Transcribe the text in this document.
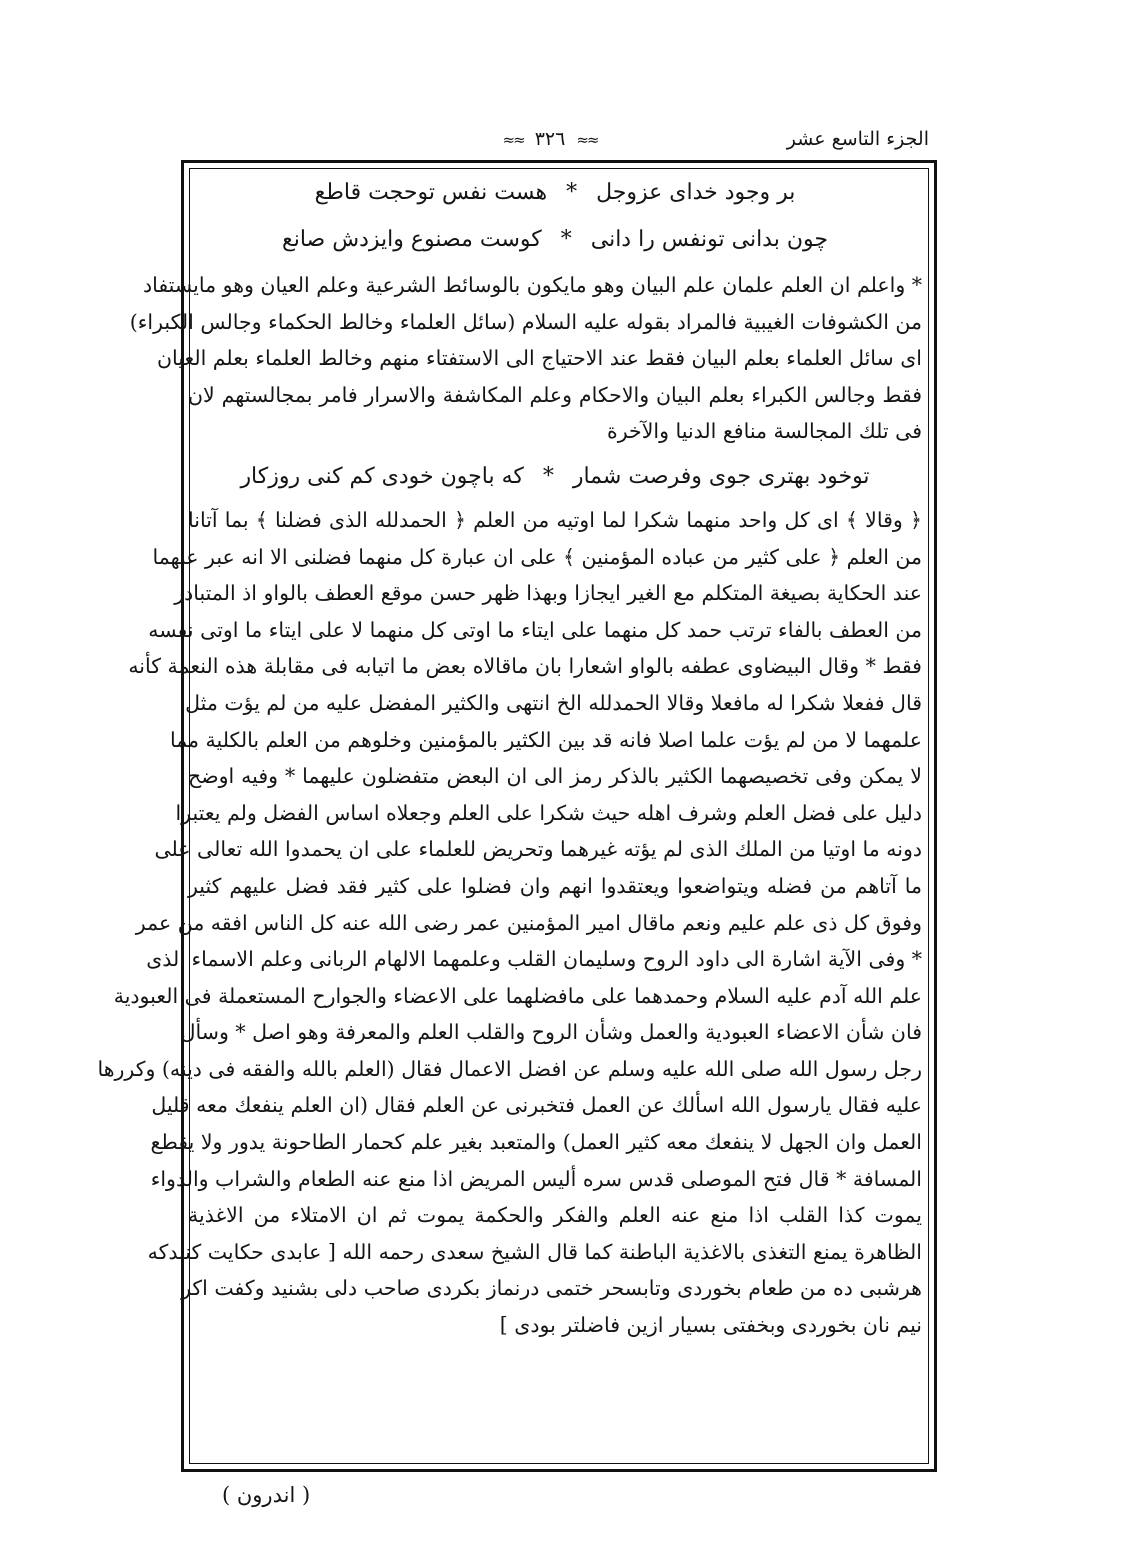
الجزء التاسع عشر
≈≈ ٣٢٦ ≈≈
بر وجود خداى عزوجل * هست نفس توحجت قاطع
چون بدانى تونفس را دانى * كوست مصنوع وايزدش صانع
* واعلم ان العلم علمان علم البيان وهو مايكون بالوسائط الشرعية وعلم العيان وهو مايستفاد
من الكشوفات الغيبية فالمراد بقوله عليه السلام (سائل العلماء وخالط الحكماء وجالس الكبراء)
اى سائل العلماء بعلم البيان فقط عند الاحتياج الى الاستفتاء منهم وخالط العلماء بعلم العيان
فقط وجالس الكبراء بعلم البيان والاحكام وعلم المكاشفة والاسرار فامر بمجالستهم لان
فى تلك المجالسة منافع الدنيا والآخرة
توخود بهترى جوى وفرصت شمار * كه باچون خودى كم كنى روزكار
﴿ وقالا ﴾ اى كل واحد منهما شكرا لما اوتيه من العلم ﴿ الحمدلله الذى فضلنا ﴾ بما آتانا
من العلم ﴿ على كثير من عباده المؤمنين ﴾ على ان عبارة كل منهما فضلنى الا انه عبر عنهما
عند الحكاية بصيغة المتكلم مع الغير ايجازا وبهذا ظهر حسن موقع العطف بالواو اذ المتبادر
من العطف بالفاء ترتب حمد كل منهما على ايتاء ما اوتى كل منهما لا على ايتاء ما اوتى نفسه
فقط * وقال البيضاوى عطفه بالواو اشعارا بان ماقالاه بعض ما اتيابه فى مقابلة هذه النعمة كأنه
قال ففعلا شكرا له مافعلا وقالا الحمدلله الخ انتهى والكثير المفضل عليه من لم يؤت مثل
علمهما لا من لم يؤت علما اصلا فانه قد بين الكثير بالمؤمنين وخلوهم من العلم بالكلية مما
لا يمكن وفى تخصيصهما الكثير بالذكر رمز الى ان البعض متفضلون عليهما * وفيه اوضح
دليل على فضل العلم وشرف اهله حيث شكرا على العلم وجعلاه اساس الفضل ولم يعتبرا
دونه ما اوتيا من الملك الذى لم يؤته غيرهما وتحريض للعلماء على ان يحمدوا الله تعالى على
ما آتاهم من فضله ويتواضعوا ويعتقدوا انهم وان فضلوا على كثير فقد فضل عليهم كثير
وفوق كل ذى علم عليم ونعم ماقال امير المؤمنين عمر رضى الله عنه كل الناس افقه من عمر
* وفى الآية اشارة الى داود الروح وسليمان القلب وعلمهما الالهام الربانى وعلم الاسماء الذى
علم الله آدم عليه السلام وحمدهما على مافضلهما على الاعضاء والجوارح المستعملة فى العبودية
فان شأن الاعضاء العبودية والعمل وشأن الروح والقلب العلم والمعرفة وهو اصل * وسأل
رجل رسول الله صلى الله عليه وسلم عن افضل الاعمال فقال (العلم بالله والفقه فى دينه) وكررها
عليه فقال يارسول الله اسألك عن العمل فتخبرنى عن العلم فقال (ان العلم ينفعك معه قليل
العمل وان الجهل لا ينفعك معه كثير العمل) والمتعبد بغير علم كحمار الطاحونة يدور ولا يقطع
المسافة * قال فتح الموصلى قدس سره أليس المريض اذا منع عنه الطعام والشراب والدواء
يموت كذا القلب اذا منع عنه العلم والفكر والحكمة يموت ثم ان الامتلاء من الاغذية
الظاهرة يمنع التغذى بالاغذية الباطنة كما قال الشيخ سعدى رحمه الله [ عابدى حكايت كنندكه
هرشبى ده من طعام بخوردى وتابسحر ختمى درنماز بكردى صاحب دلى بشنيد وكفت اكر
نيم نان بخوردى وبخفتى بسيار ازين فاضلتر بودى ]
( اندرون )
